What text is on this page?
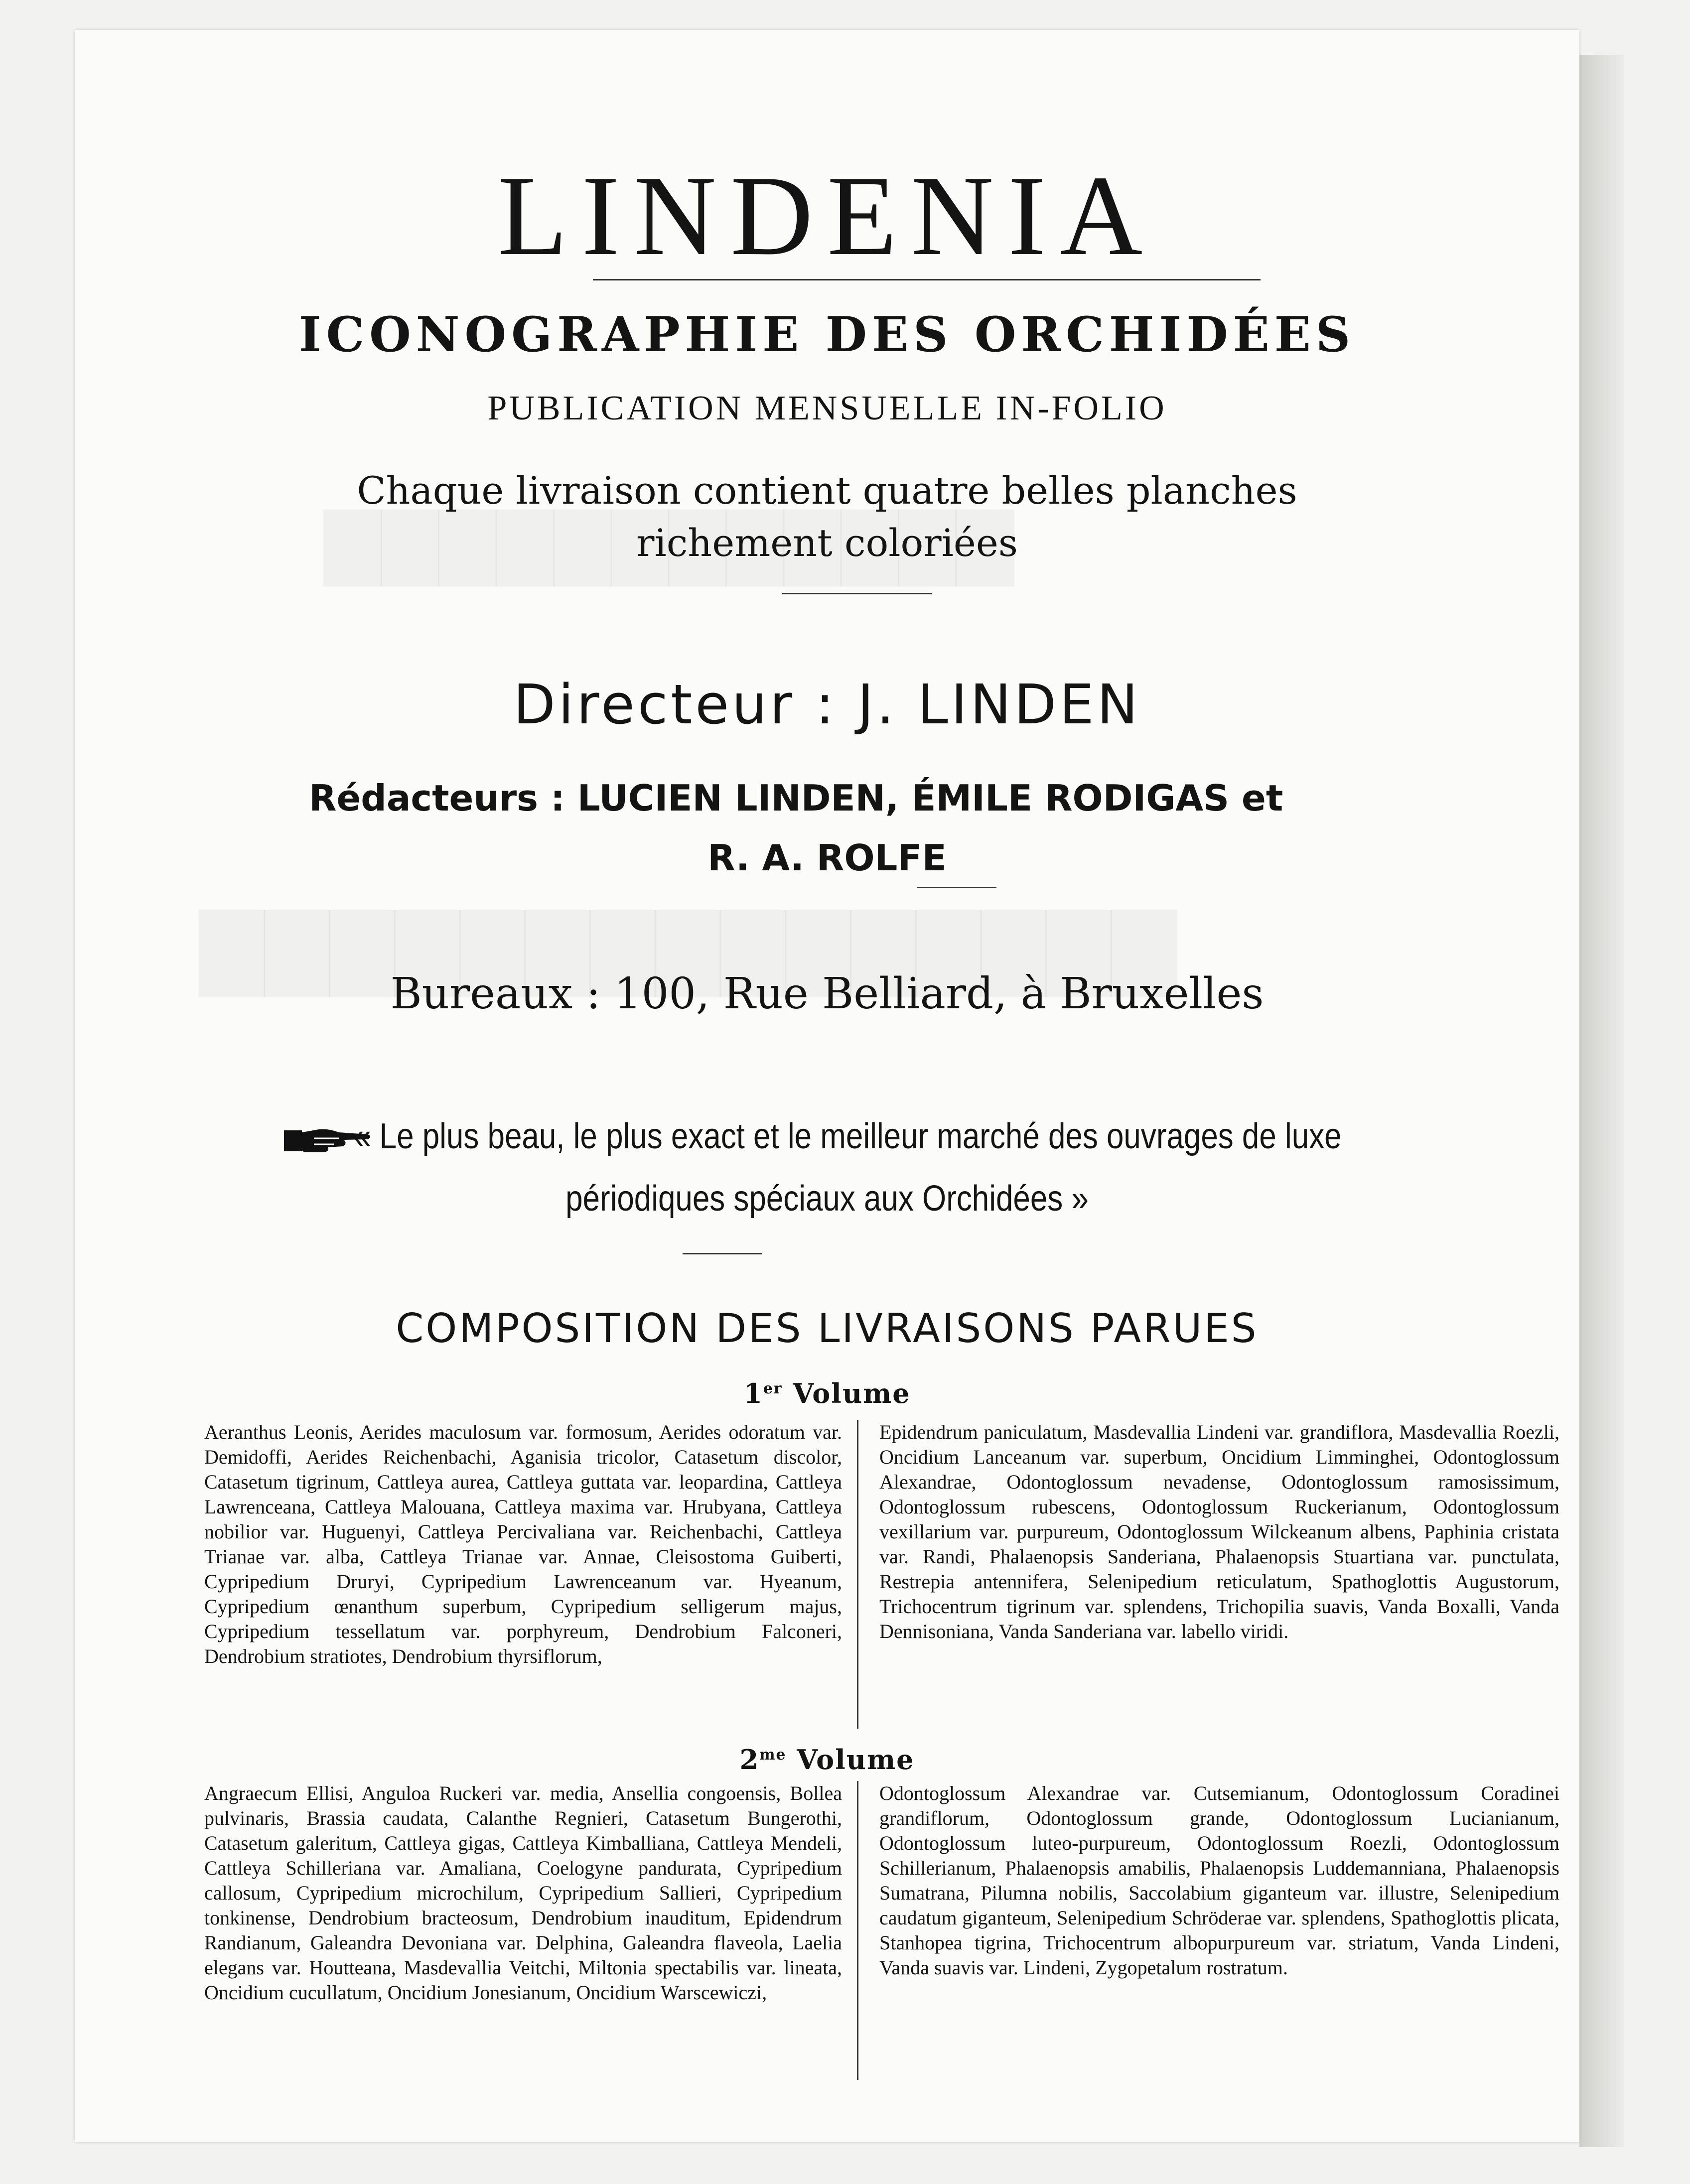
LINDENIA
ICONOGRAPHIE DES ORCHIDÉES
PUBLICATION MENSUELLE IN-FOLIO
Chaque livraison contient quatre belles planches
richement coloriées
Directeur : J. LINDEN
Rédacteurs : LUCIEN LINDEN, ÉMILE RODIGAS et
R. A. ROLFE
Bureaux : 100, Rue Belliard, à Bruxelles
« Le plus beau, le plus exact et le meilleur marché des ouvrages de luxe
périodiques spéciaux aux Orchidées »
COMPOSITION DES LIVRAISONS PARUES
1er Volume
Aeranthus Leonis, Aerides maculosum var. formosum, Aerides odoratum var. Demidoffi, Aerides Reichenbachi, Aganisia tricolor, Catasetum discolor, Catasetum tigrinum, Cattleya aurea, Cattleya guttata var. leopardina, Cattleya Lawrenceana, Cattleya Malouana, Cattleya maxima var. Hrubyana, Cattleya nobilior var. Huguenyi, Cattleya Percivaliana var. Reichenbachi, Cattleya Trianae var. alba, Cattleya Trianae var. Annae, Cleisostoma Guiberti, Cypripedium Druryi, Cypripedium Lawrenceanum var. Hyeanum, Cypripedium œnanthum superbum, Cypripedium selligerum majus, Cypripedium tessellatum var. porphyreum, Dendrobium Falconeri, Dendrobium stratiotes, Dendrobium thyrsiflorum,
Epidendrum paniculatum, Masdevallia Lindeni var. grandiflora, Masdevallia Roezli, Oncidium Lanceanum var. superbum, Oncidium Limminghei, Odontoglossum Alexandrae, Odontoglossum nevadense, Odontoglossum ramosissimum, Odontoglossum rubescens, Odontoglossum Ruckerianum, Odontoglossum vexillarium var. purpureum, Odontoglossum Wilckeanum albens, Paphinia cristata var. Randi, Phalaenopsis Sanderiana, Phalaenopsis Stuartiana var. punctulata, Restrepia antennifera, Selenipedium reticulatum, Spathoglottis Augustorum, Trichocentrum tigrinum var. splendens, Trichopilia suavis, Vanda Boxalli, Vanda Dennisoniana, Vanda Sanderiana var. labello viridi.
$2^{me}$ Volume
Angraecum Ellisi, Anguloa Ruckeri var. media, Ansellia congoensis, Bollea pulvinaris, Brassia caudata, Calanthe Regnieri, Catasetum Bungerothi, Catasetum galeritum, Cattleya gigas, Cattleya Kimballiana, Cattleya Mendeli, Cattleya Schilleriana var. Amaliana, Coelogyne pandurata, Cypripedium callosum, Cypripedium microchilum, Cypripedium Sallieri, Cypripedium tonkinense, Dendrobium bracteosum, Dendrobium inauditum, Epidendrum Randianum, Galeandra Devoniana var. Delphina, Galeandra flaveola, Laelia elegans var. Houtteana, Masdevallia Veitchi, Miltonia spectabilis var. lineata, Oncidium cucullatum, Oncidium Jonesianum, Oncidium Warscewiczi,
Odontoglossum Alexandrae var. Cutsemianum, Odontoglossum Coradinei grandiflorum, Odontoglossum grande, Odontoglossum Lucianianum, Odontoglossum luteo-purpureum, Odontoglossum Roezli, Odontoglossum Schillerianum, Phalaenopsis amabilis, Phalaenopsis Luddemanniana, Phalaenopsis Sumatrana, Pilumna nobilis, Saccolabium giganteum var. illustre, Selenipedium caudatum giganteum, Selenipedium Schröderae var. splendens, Spathoglottis plicata, Stanhopea tigrina, Trichocentrum albopurpureum var. striatum, Vanda Lindeni, Vanda suavis var. Lindeni, Zygopetalum rostratum.
